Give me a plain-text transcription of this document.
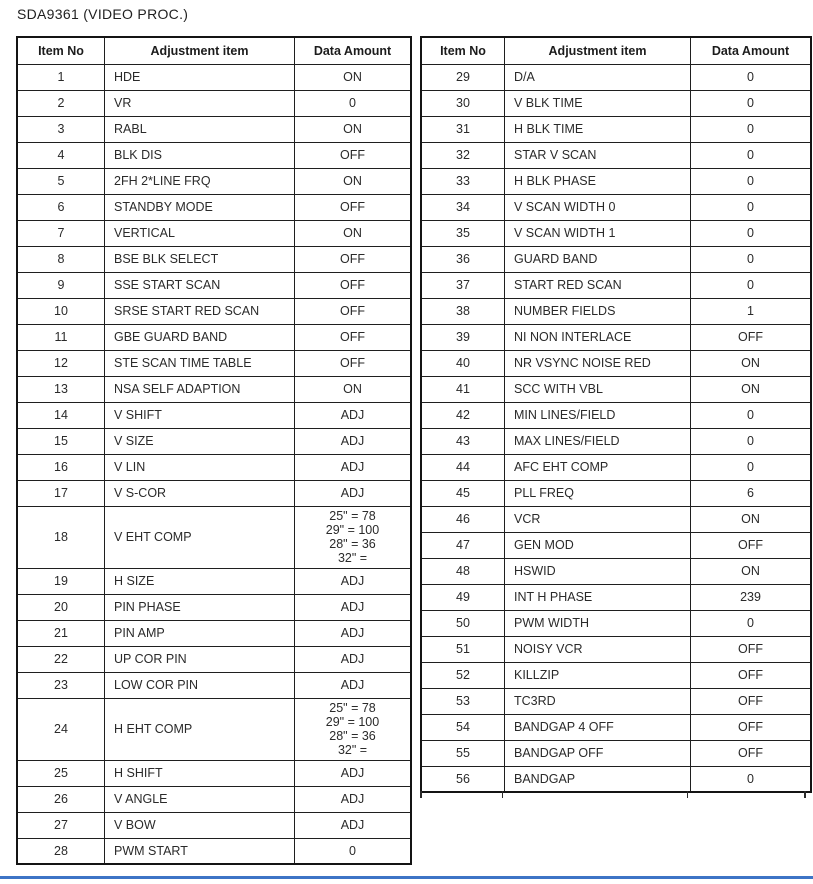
SDA9361 (VIDEO PROC.)
Item No	Adjustment item	Data Amount
1	HDE	ON
2	VR	0
3	RABL	ON
4	BLK DIS	OFF
5	2FH 2*LINE FRQ	ON
6	STANDBY MODE	OFF
7	VERTICAL	ON
8	BSE BLK SELECT	OFF
9	SSE START SCAN	OFF
10	SRSE START RED SCAN	OFF
11	GBE GUARD BAND	OFF
12	STE SCAN TIME TABLE	OFF
13	NSA SELF ADAPTION	ON
14	V SHIFT	ADJ
15	V SIZE	ADJ
16	V LIN	ADJ
17	V S-COR	ADJ
18	V EHT COMP	25" = 78
29" = 100
28" = 36
32" =

19	H SIZE	ADJ
20	PIN PHASE	ADJ
21	PIN AMP	ADJ
22	UP COR PIN	ADJ
23	LOW COR PIN	ADJ
24	H EHT COMP	25" = 78
29" = 100
28" = 36
32" =

25	H SHIFT	ADJ
26	V ANGLE	ADJ
27	V BOW	ADJ
28	PWM START	0
Item No	Adjustment item	Data Amount
29	D/A	0
30	V BLK TIME	0
31	H BLK TIME	0
32	STAR V SCAN	0
33	H BLK PHASE	0
34	V SCAN WIDTH 0	0
35	V SCAN WIDTH 1	0
36	GUARD BAND	0
37	START RED SCAN	0
38	NUMBER FIELDS	1
39	NI NON INTERLACE	OFF
40	NR VSYNC NOISE RED	ON
41	SCC WITH VBL	ON
42	MIN LINES/FIELD	0
43	MAX LINES/FIELD	0
44	AFC EHT COMP	0
45	PLL FREQ	6
46	VCR	ON
47	GEN MOD	OFF
48	HSWID	ON
49	INT H PHASE	239
50	PWM WIDTH	0
51	NOISY VCR	OFF
52	KILLZIP	OFF
53	TC3RD	OFF
54	BANDGAP 4 OFF	OFF
55	BANDGAP OFF	OFF
56	BANDGAP	0
